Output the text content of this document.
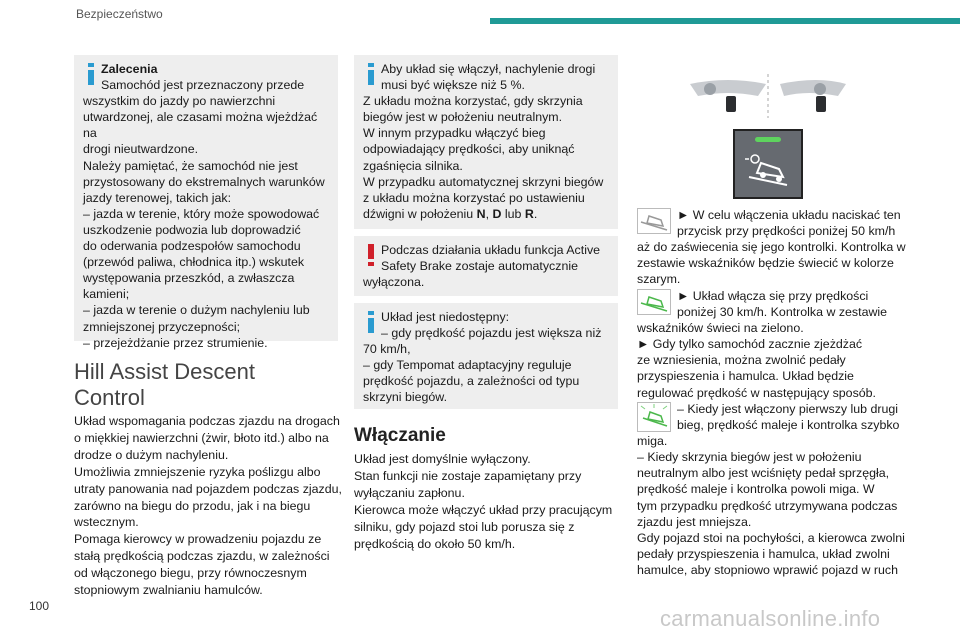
Bezpieczeństwo
100	carmanualsonline.info

Zalecenia

Samochód jest przeznaczony przede

wszystkim do jazdy po nawierzchni

utwardzonej, ale czasami można wjeżdżać na

drogi nieutwardzone.

Należy pamiętać, że samochód nie jest

przystosowany do ekstremalnych warunków

jazdy terenowej, takich jak:

– jazda w terenie, który może spowodować

uszkodzenie podwozia lub doprowadzić

do oderwania podzespołów samochodu

(przewód paliwa, chłodnica itp.) wskutek

występowania przeszkód, a zwłaszcza

kamieni;

– jazda w terenie o dużym nachyleniu lub

zmniejszonej przyczepności;

– przejeżdżanie przez strumienie.

Hill Assist Descent
Control

Układ wspomagania podczas zjazdu na drogach

o miękkiej nawierzchni (żwir, błoto itd.) albo na

drodze o dużym nachyleniu.

Umożliwia zmniejszenie ryzyka poślizgu albo

utraty panowania nad pojazdem podczas zjazdu,

zarówno na biegu do przodu, jak i na biegu

wstecznym.

Pomaga kierowcy w prowadzeniu pojazdu ze

stałą prędkością podczas zjazdu, w zależności

od włączonego biegu, przy równoczesnym

stopniowym zwalnianiu hamulców.

Aby układ się włączył, nachylenie drogi

musi być większe niż 5 %.

Z układu można korzystać, gdy skrzynia

biegów jest w położeniu neutralnym.

W innym przypadku włączyć bieg

odpowiadający prędkości, aby uniknąć

zgaśnięcia silnika.

W przypadku automatycznej skrzyni biegów

z układu można korzystać po ustawieniu

dźwigni w położeniu N, D lub R.

Podczas działania układu funkcja Active

Safety Brake zostaje automatycznie

wyłączona.

Układ jest niedostępny:

– gdy prędkość pojazdu jest większa niż

70 km/h,

– gdy Tempomat adaptacyjny reguluje

prędkość pojazdu, a zależności od typu

skrzyni biegów.

Włączanie

Układ jest domyślnie wyłączony.

Stan funkcji nie zostaje zapamiętany przy

wyłączaniu zapłonu.

Kierowca może włączyć układ przy pracującym

silniku, gdy pojazd stoi lub porusza się z

prędkością do około 50 km/h.

► W celu włączenia układu naciskać ten

przycisk przy prędkości poniżej 50 km/h

aż do zaświecenia się jego kontrolki. Kontrolka w

zestawie wskaźników będzie świecić w kolorze

szarym.

► Układ włącza się przy prędkości

poniżej 30 km/h. Kontrolka w zestawie

wskaźników świeci na zielono.

► Gdy tylko samochód zacznie zjeżdżać

ze wzniesienia, można zwolnić pedały

przyspieszenia i hamulca. Układ będzie

regulować prędkość w następujący sposób.

– Kiedy jest włączony pierwszy lub drugi

bieg, prędkość maleje i kontrolka szybko

miga.

– Kiedy skrzynia biegów jest w położeniu

neutralnym albo jest wciśnięty pedał sprzęgła,

prędkość maleje i kontrolka powoli miga. W

tym przypadku prędkość utrzymywana podczas

zjazdu jest mniejsza.

Gdy pojazd stoi na pochyłości, a kierowca zwolni

pedały przyspieszenia i hamulca, układ zwolni

hamulce, aby stopniowo wprawić pojazd w ruch
